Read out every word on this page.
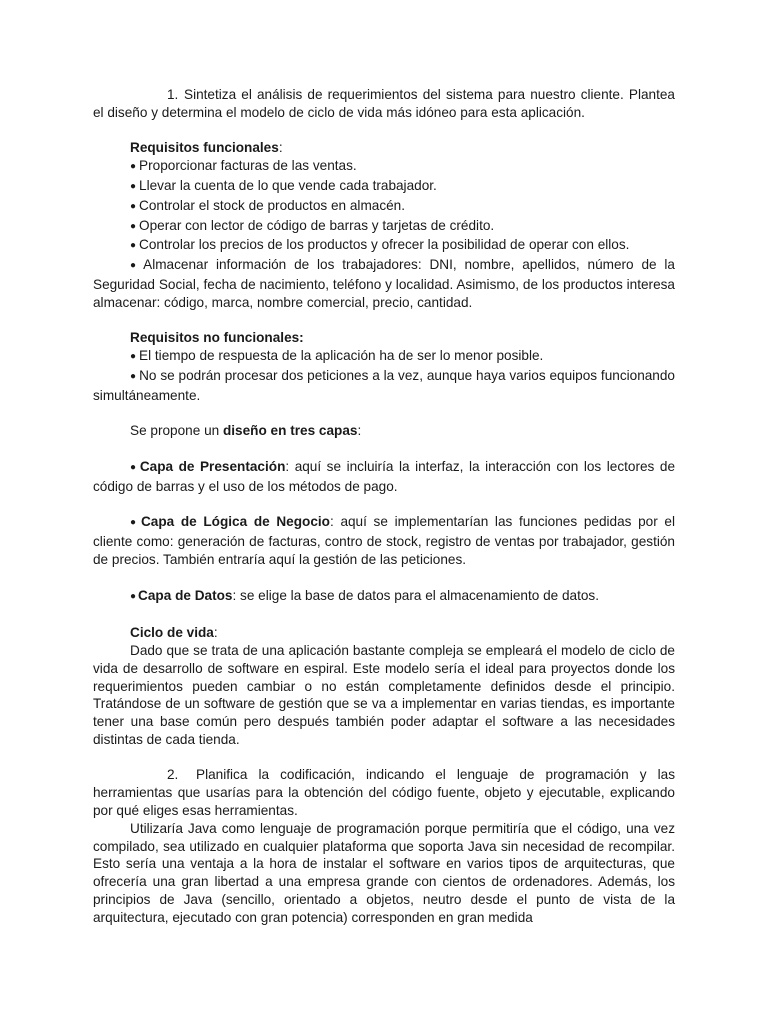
1. Sintetiza el análisis de requerimientos del sistema para nuestro cliente. Plantea el diseño y determina el modelo de ciclo de vida más idóneo para esta aplicación.

Requisitos funcionales:

● Proporcionar facturas de las ventas.

● Llevar la cuenta de lo que vende cada trabajador.

● Controlar el stock de productos en almacén.

● Operar con lector de código de barras y tarjetas de crédito.

● Controlar los precios de los productos y ofrecer la posibilidad de operar con ellos.

● Almacenar información de los trabajadores: DNI, nombre, apellidos, número de la Seguridad Social, fecha de nacimiento, teléfono y localidad. Asimismo, de los productos interesa almacenar: código, marca, nombre comercial, precio, cantidad.

Requisitos no funcionales:

● El tiempo de respuesta de la aplicación ha de ser lo menor posible.

● No se podrán procesar dos peticiones a la vez, aunque haya varios equipos funcionando simultáneamente.

Se propone un diseño en tres capas:

● Capa de Presentación: aquí se incluiría la interfaz, la interacción con los lectores de código de barras y el uso de los métodos de pago.

● Capa de Lógica de Negocio: aquí se implementarían las funciones pedidas por el cliente como: generación de facturas, contro de stock, registro de ventas por trabajador, gestión de precios. También entraría aquí la gestión de las peticiones.

● Capa de Datos: se elige la base de datos para el almacenamiento de datos.

Ciclo de vida:

Dado que se trata de una aplicación bastante compleja se empleará el modelo de ciclo de vida de desarrollo de software en espiral. Este modelo sería el ideal para proyectos donde los requerimientos pueden cambiar o no están completamente definidos desde el principio. Tratándose de un software de gestión que se va a implementar en varias tiendas, es importante tener una base común pero después también poder adaptar el software a las necesidades distintas de cada tienda.

2. Planifica la codificación, indicando el lenguaje de programación y las herramientas que usarías para la obtención del código fuente, objeto y ejecutable, explicando por qué eliges esas herramientas.

Utilizaría Java como lenguaje de programación porque permitiría que el código, una vez compilado, sea utilizado en cualquier plataforma que soporta Java sin necesidad de recompilar. Esto sería una ventaja a la hora de instalar el software en varios tipos de arquitecturas, que ofrecería una gran libertad a una empresa grande con cientos de ordenadores. Además, los principios de Java (sencillo, orientado a objetos, neutro desde el punto de vista de la arquitectura, ejecutado con gran potencia) corresponden en gran medida
